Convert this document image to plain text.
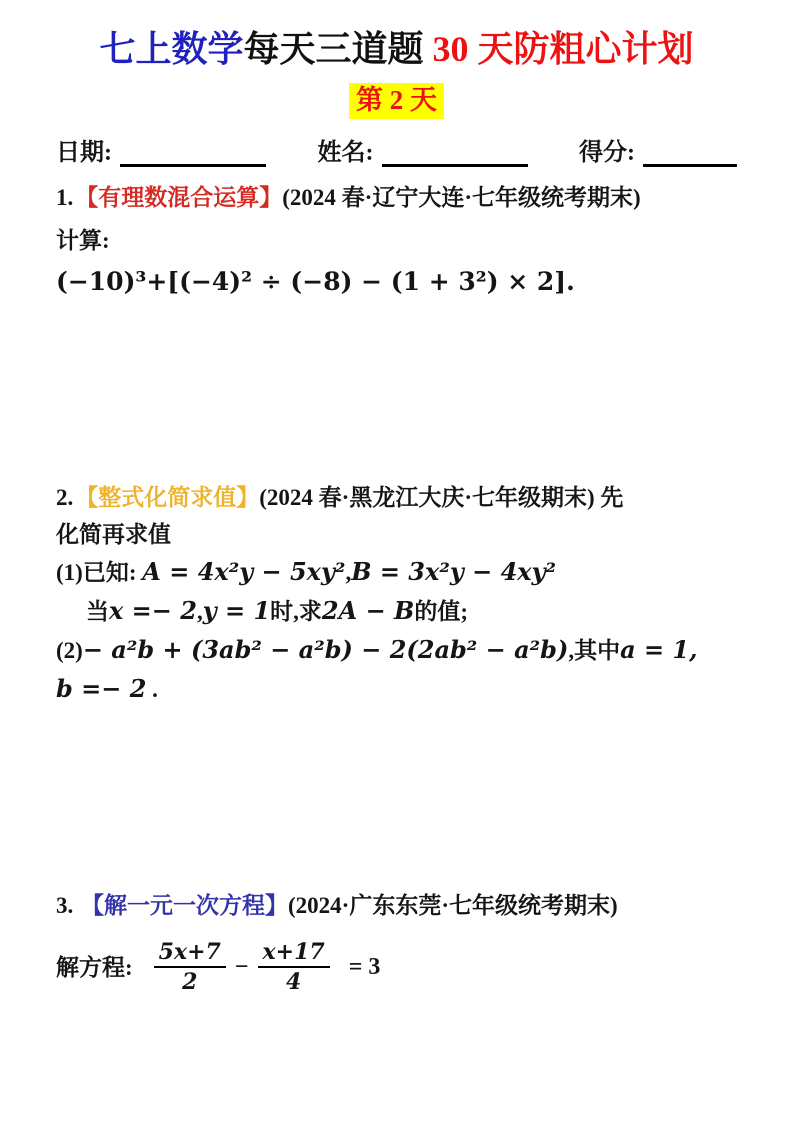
七上数学每天三道题 30 天防粗心计划
第 2 天
日期:	姓名:	得分:
1.【有理数混合运算】(2024 春·辽宁大连·七年级统考期末)
计算:
(−10)³+[(−4)² ÷ (−8) − (1 + 3²) × 2].
2.【整式化简求值】(2024 春·黑龙江大庆·七年级期末) 先
化简再求值
(1)已知: A = 4x²y − 5xy²,B = 3x²y − 4xy²
当x =− 2,y = 1时,求2A − B的值;
(2)− a²b + (3ab² − a²b) − 2(2ab² − a²b),其中a = 1,
b =− 2 .
3. 【解一元一次方程】(2024·广东东莞·七年级统考期末)
解方程: $\frac{5x+7}{2} - \frac{x+17}{4} = 3$
